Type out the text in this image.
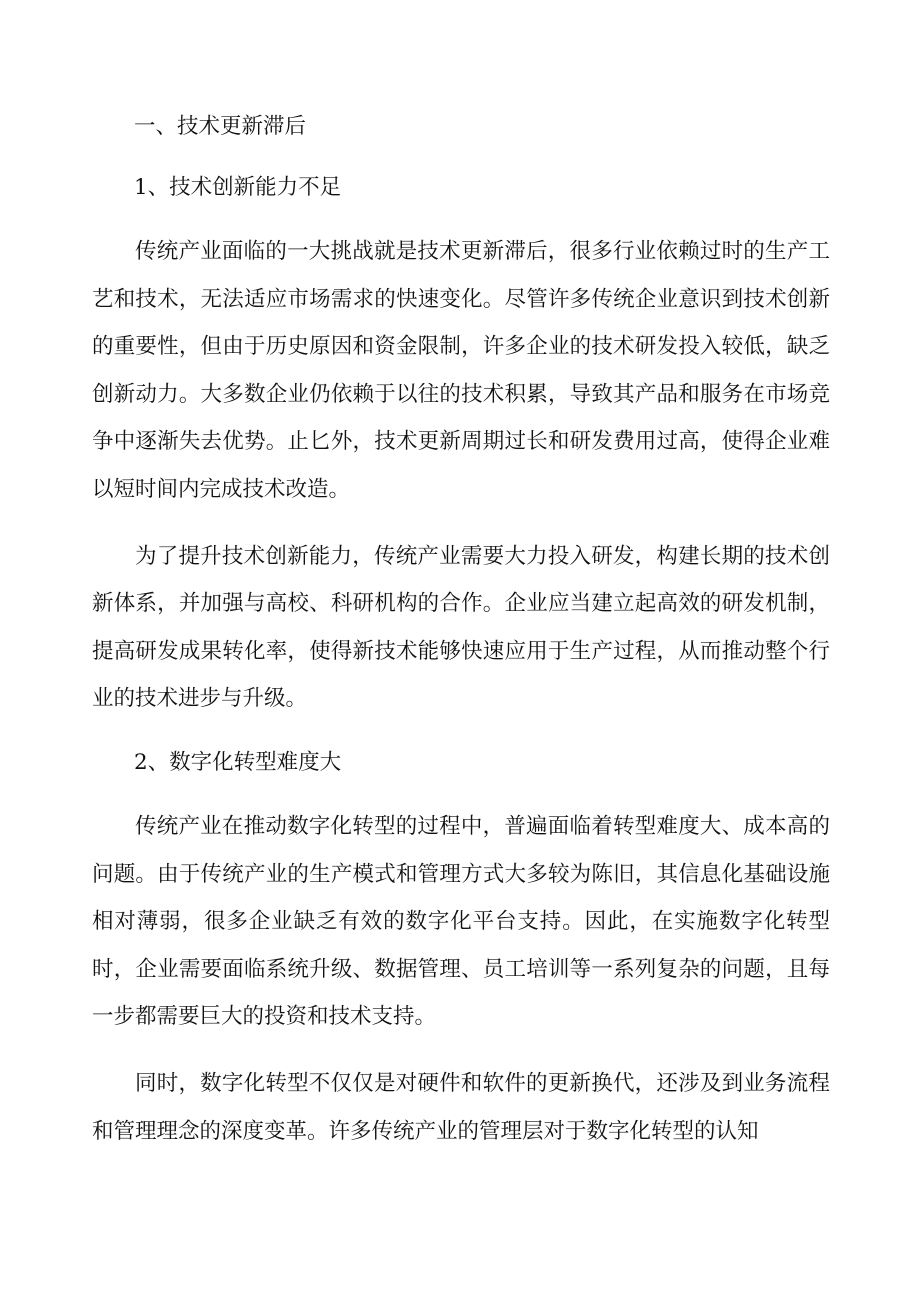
一、技术更新滞后
1、技术创新能力不足

传统产业面临的一大挑战就是技术更新滞后，很多行业依赖过时的生产工艺和技术，无法适应市场需求的快速变化。尽管许多传统企业意识到技术创新的重要性，但由于历史原因和资金限制，许多企业的技术研发投入较低，缺乏创新动力。大多数企业仍依赖于以往的技术积累，导致其产品和服务在市场竞争中逐渐失去优势。止匕外，技术更新周期过长和研发费用过高，使得企业难以短时间内完成技术改造。

为了提升技术创新能力，传统产业需要大力投入研发，构建长期的技术创新体系，并加强与高校、科研机构的合作。企业应当建立起高效的研发机制，提高研发成果转化率，使得新技术能够快速应用于生产过程，从而推动整个行业的技术进步与升级。

2、数字化转型难度大

传统产业在推动数字化转型的过程中，普遍面临着转型难度大、成本高的问题。由于传统产业的生产模式和管理方式大多较为陈旧，其信息化基础设施相对薄弱，很多企业缺乏有效的数字化平台支持。因此，在实施数字化转型时，企业需要面临系统升级、数据管理、员工培训等一系列复杂的问题，且每一步都需要巨大的投资和技术支持。

同时，数字化转型不仅仅是对硬件和软件的更新换代，还涉及到业务流程和管理理念的深度变革。许多传统产业的管理层对于数字化转型的认知
